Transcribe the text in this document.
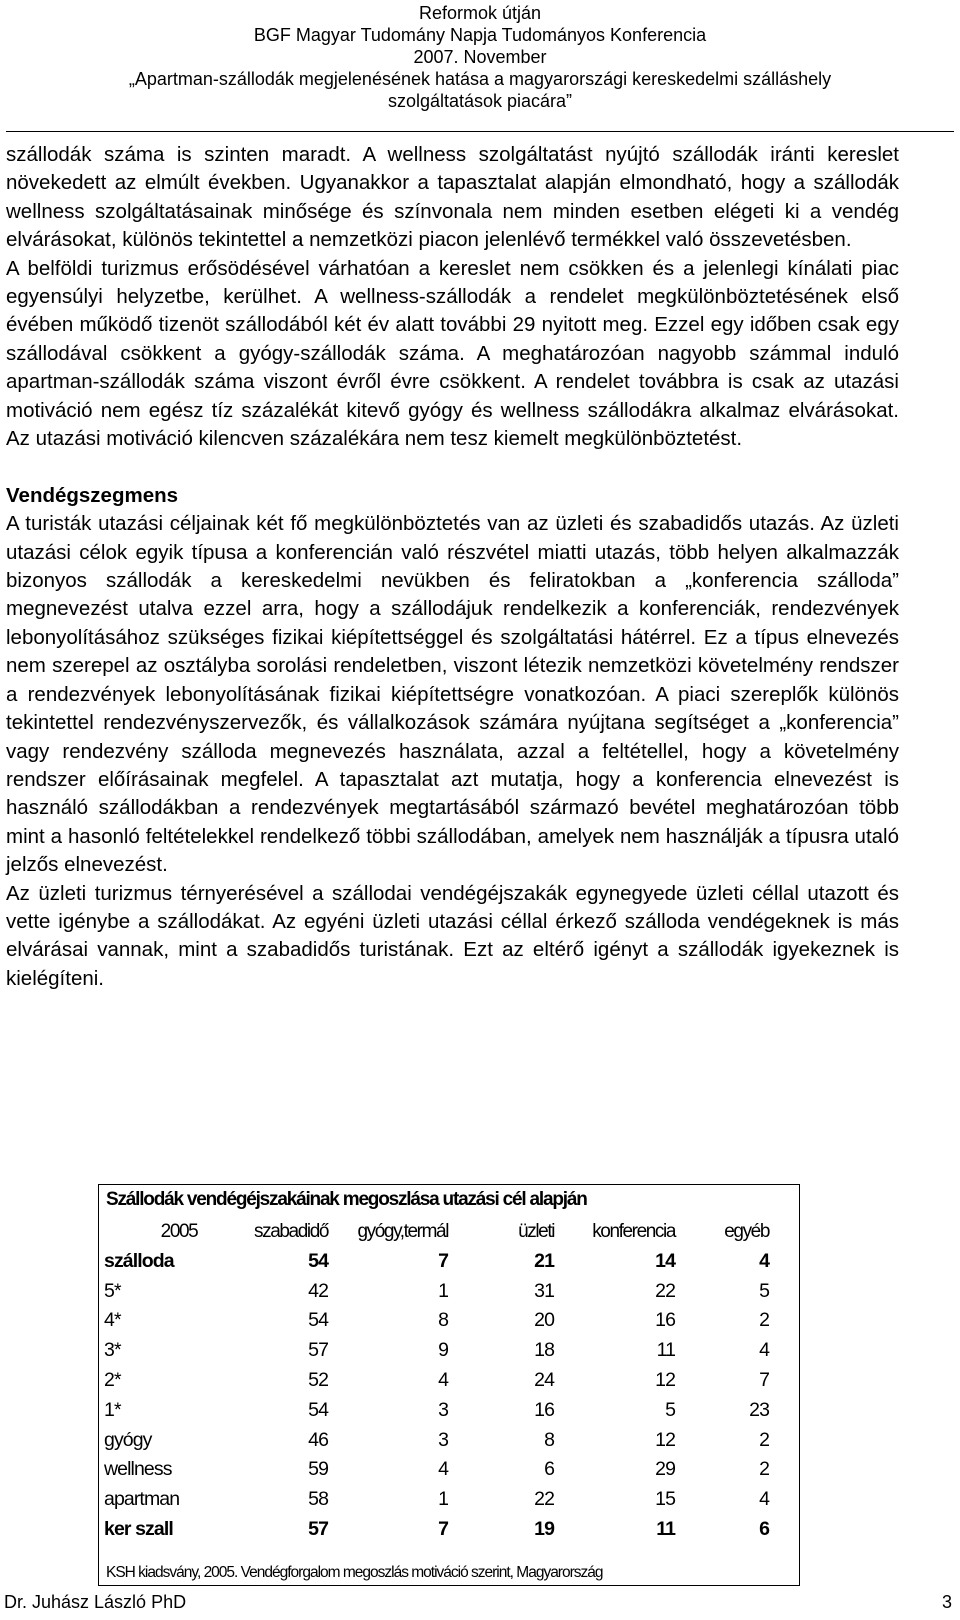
Reformok útján
BGF Magyar Tudomány Napja Tudományos Konferencia
2007. November
„Apartman-szállodák megjelenésének hatása a magyarországi kereskedelmi szálláshely
szolgáltatások piacára”

szállodák száma is szinten maradt. A wellness szolgáltatást nyújtó szállodák iránti kereslet növekedett az elmúlt években. Ugyanakkor a tapasztalat alapján elmondható, hogy a szállodák wellness szolgáltatásainak minősége és színvonala nem minden esetben elégeti ki a vendég elvárásokat, különös tekintettel a nemzetközi piacon jelenlévő termékkel való összevetésben.

A belföldi turizmus erősödésével várhatóan a kereslet nem csökken és a jelenlegi kínálati piac egyensúlyi helyzetbe, kerülhet. A wellness-szállodák a rendelet megkülönböztetésének első évében működő tizenöt szállodából két év alatt további 29 nyitott meg. Ezzel egy időben csak egy szállodával csökkent a gyógy-szállodák száma. A meghatározóan nagyobb számmal induló apartman-szállodák száma viszont évről évre csökkent. A rendelet továbbra is csak az utazási motiváció nem egész tíz százalékát kitevő gyógy és wellness szállodákra alkalmaz elvárásokat. Az utazási motiváció kilencven százalékára nem tesz kiemelt megkülönböztetést.

Vendégszegmens

A turisták utazási céljainak két fő megkülönböztetés van az üzleti és szabadidős utazás. Az üzleti utazási célok egyik típusa a konferencián való részvétel miatti utazás, több helyen alkalmazzák bizonyos szállodák a kereskedelmi nevükben és feliratokban a „konferencia szálloda” megnevezést utalva ezzel arra, hogy a szállodájuk rendelkezik a konferenciák, rendezvények lebonyolításához szükséges fizikai kiépítettséggel és szolgáltatási hátérrel. Ez a típus elnevezés nem szerepel az osztályba sorolási rendeletben, viszont létezik nemzetközi követelmény rendszer a rendezvények lebonyolításának fizikai kiépítettségre vonatkozóan. A piaci szereplők különös tekintettel rendezvényszervezők, és vállalkozások számára nyújtana segítséget a „konferencia” vagy rendezvény szálloda megnevezés használata, azzal a feltétellel, hogy a követelmény rendszer előírásainak megfelel. A tapasztalat azt mutatja, hogy a konferencia elnevezést is használó szállodákban a rendezvények megtartásából származó bevétel meghatározóan több mint a hasonló feltételekkel rendelkező többi szállodában, amelyek nem használják a típusra utaló jelzős elnevezést.

Az üzleti turizmus térnyerésével a szállodai vendégéjszakák egynegyede üzleti céllal utazott és vette igénybe a szállodákat. Az egyéni üzleti utazási céllal érkező szálloda vendégeknek is más elvárásai vannak, mint a szabadidős turistának. Ezt az eltérő igényt a szállodák igyekeznek is kielégíteni.

Szállodák vendégéjszakáinak megoszlása utazási cél alapján
2005	szabadidő	gyógy,termál	üzleti	konferencia	egyéb
szálloda	54	7	21	14	4
5*	42	1	31	22	5
4*	54	8	20	16	2
3*	57	9	18	11	4
2*	52	4	24	12	7
1*	54	3	16	5	23
gyógy	46	3	8	12	2
wellness	59	4	6	29	2
apartman	58	1	22	15	4
ker szall	57	7	19	11	6
KSH kiadsvány, 2005. Vendégforgalom megoszlás motiváció szerint, Magyarország
Dr. Juhász László PhD	3
